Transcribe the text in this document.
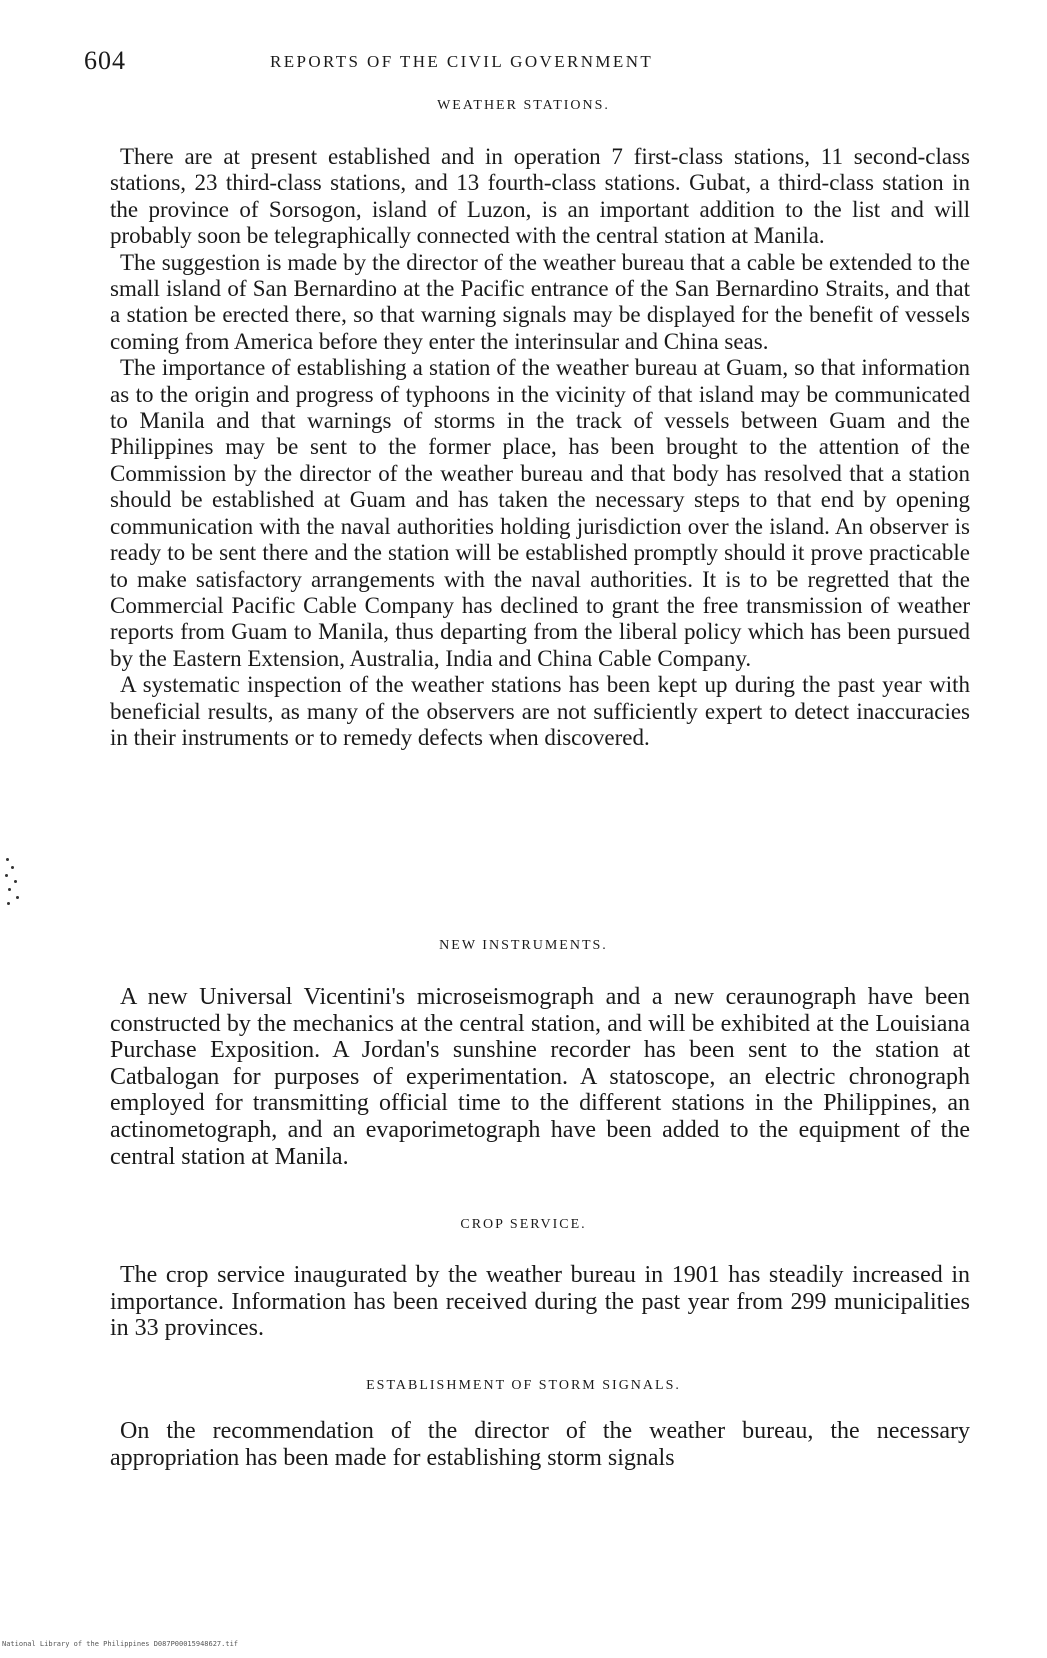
604	REPORTS OF THE CIVIL GOVERNMENT
WEATHER STATIONS.

There are at present established and in operation 7 first-class stations, 11 second-class stations, 23 third-class stations, and 13 fourth-class stations. Gubat, a third-class station in the province of Sorsogon, island of Luzon, is an important addition to the list and will probably soon be telegraphically connected with the central station at Manila.

The suggestion is made by the director of the weather bureau that a cable be extended to the small island of San Bernardino at the Pacific entrance of the San Bernardino Straits, and that a station be erected there, so that warning signals may be displayed for the benefit of vessels coming from America before they enter the interinsular and China seas.

The importance of establishing a station of the weather bureau at Guam, so that information as to the origin and progress of typhoons in the vicinity of that island may be communicated to Manila and that warnings of storms in the track of vessels between Guam and the Philippines may be sent to the former place, has been brought to the attention of the Commission by the director of the weather bureau and that body has resolved that a station should be established at Guam and has taken the necessary steps to that end by opening communication with the naval authorities holding jurisdiction over the island. An observer is ready to be sent there and the station will be established promptly should it prove practicable to make satisfactory arrangements with the naval authorities. It is to be regretted that the Commercial Pacific Cable Company has declined to grant the free transmission of weather reports from Guam to Manila, thus departing from the liberal policy which has been pursued by the Eastern Extension, Australia, India and China Cable Company.

A systematic inspection of the weather stations has been kept up during the past year with beneficial results, as many of the observers are not sufficiently expert to detect inaccuracies in their instruments or to remedy defects when discovered.

NEW INSTRUMENTS.

A new Universal Vicentini's microseismograph and a new ceraunograph have been constructed by the mechanics at the central station, and will be exhibited at the Louisiana Purchase Exposition. A Jordan's sunshine recorder has been sent to the station at Catbalogan for purposes of experimentation. A statoscope, an electric chronograph employed for transmitting official time to the different stations in the Philippines, an actinometograph, and an evaporimetograph have been added to the equipment of the central station at Manila.

CROP SERVICE.

The crop service inaugurated by the weather bureau in 1901 has steadily increased in importance. Information has been received during the past year from 299 municipalities in 33 provinces.

ESTABLISHMENT OF STORM SIGNALS.

On the recommendation of the director of the weather bureau, the necessary appropriation has been made for establishing storm signals

National Library of the Philippines D087P00015948627.tif
